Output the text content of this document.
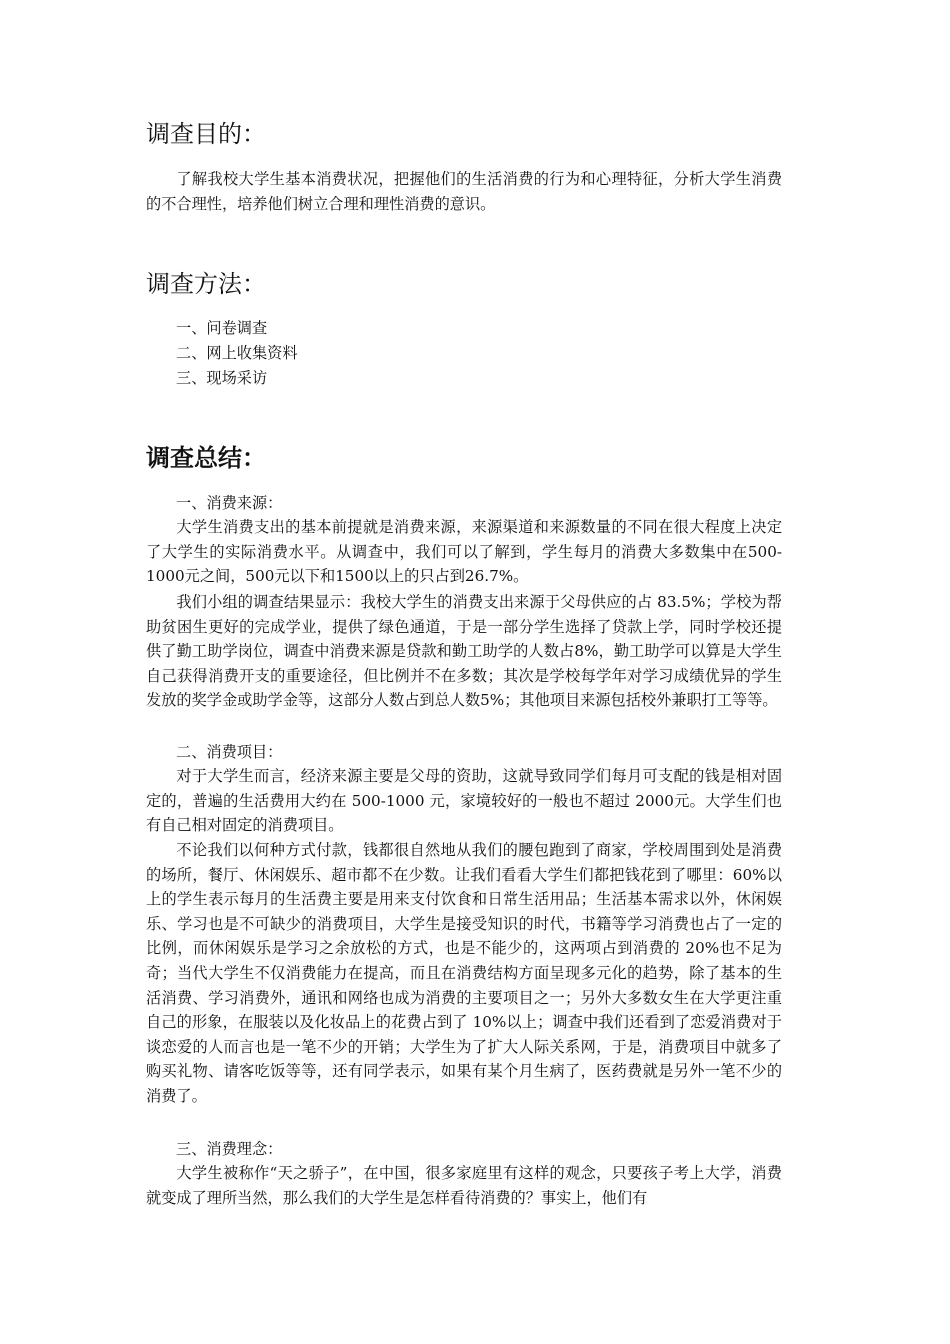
调查目的：

了解我校大学生基本消费状况，把握他们的生活消费的行为和心理特征，分析大学生消费的不合理性，培养他们树立合理和理性消费的意识。

调查方法：

一、问卷调查

二、网上收集资料

三、现场采访

调查总结：

一、消费来源：

大学生消费支出的基本前提就是消费来源，来源渠道和来源数量的不同在很大程度上决定了大学生的实际消费水平。从调查中，我们可以了解到，学生每月的消费大多数集中在500-1000元之间，500元以下和1500以上的只占到26.7%。

我们小组的调查结果显示：我校大学生的消费支出来源于父母供应的占 83.5%；学校为帮助贫困生更好的完成学业，提供了绿色通道，于是一部分学生选择了贷款上学，同时学校还提供了勤工助学岗位，调查中消费来源是贷款和勤工助学的人数占8%，勤工助学可以算是大学生自己获得消费开支的重要途径，但比例并不在多数；其次是学校每学年对学习成绩优异的学生发放的奖学金或助学金等，这部分人数占到总人数5%；其他项目来源包括校外兼职打工等等。

二、消费项目：

对于大学生而言，经济来源主要是父母的资助，这就导致同学们每月可支配的钱是相对固定的，普遍的生活费用大约在 500-1000 元，家境较好的一般也不超过 2000元。大学生们也有自己相对固定的消费项目。

不论我们以何种方式付款，钱都很自然地从我们的腰包跑到了商家，学校周围到处是消费的场所，餐厅、休闲娱乐、超市都不在少数。让我们看看大学生们都把钱花到了哪里：60%以上的学生表示每月的生活费主要是用来支付饮食和日常生活用品；生活基本需求以外，休闲娱乐、学习也是不可缺少的消费项目，大学生是接受知识的时代，书籍等学习消费也占了一定的比例，而休闲娱乐是学习之余放松的方式，也是不能少的，这两项占到消费的 20%也不足为奇；当代大学生不仅消费能力在提高，而且在消费结构方面呈现多元化的趋势，除了基本的生活消费、学习消费外，通讯和网络也成为消费的主要项目之一；另外大多数女生在大学更注重自己的形象，在服装以及化妆品上的花费占到了 10%以上；调查中我们还看到了恋爱消费对于谈恋爱的人而言也是一笔不少的开销；大学生为了扩大人际关系网，于是，消费项目中就多了购买礼物、请客吃饭等等，还有同学表示，如果有某个月生病了，医药费就是另外一笔不少的消费了。

三、消费理念：

大学生被称作“天之骄子”，在中国，很多家庭里有这样的观念，只要孩子考上大学，消费就变成了理所当然，那么我们的大学生是怎样看待消费的？事实上，他们有
